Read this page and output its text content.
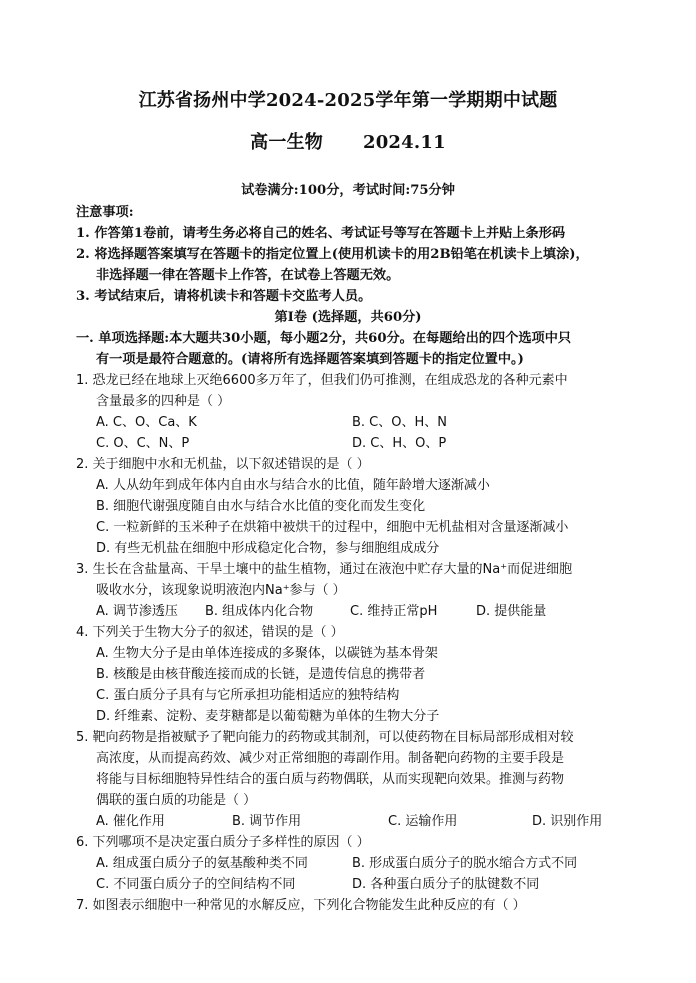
江苏省扬州中学2024-2025学年第一学期期中试题
高一生物 2024.11
试卷满分:100分，考试时间:75分钟
注意事项:
1. 作答第1卷前，请考生务必将自己的姓名、考试证号等写在答题卡上并贴上条形码
2. 将选择题答案填写在答题卡的指定位置上(使用机读卡的用2B铅笔在机读卡上填涂)，
非选择题一律在答题卡上作答，在试卷上答题无效。
3. 考试结束后，请将机读卡和答题卡交监考人员。
第I卷 (选择题，共60分)
一. 单项选择题:本大题共30小题，每小题2分，共60分。在每题给出的四个选项中只
有一项是最符合题意的。(请将所有选择题答案填到答题卡的指定位置中。)
1. 恐龙已经在地球上灭绝6600多万年了，但我们仍可推测，在组成恐龙的各种元素中
含量最多的四种是（ ）
A. C、O、Ca、K	B. C、O、H、N
C. O、C、N、P	D. C、H、O、P
2. 关于细胞中水和无机盐，以下叙述错误的是（ ）
A. 人从幼年到成年体内自由水与结合水的比值，随年龄增大逐渐减小
B. 细胞代谢强度随自由水与结合水比值的变化而发生变化
C. 一粒新鲜的玉米种子在烘箱中被烘干的过程中，细胞中无机盐相对含量逐渐减小
D. 有些无机盐在细胞中形成稳定化合物，参与细胞组成成分
3. 生长在含盐量高、干旱土壤中的盐生植物，通过在液泡中贮存大量的Na⁺而促进细胞
吸收水分，该现象说明液泡内Na⁺参与（ ）
A. 调节渗透压 B. 组成体内化合物	C. 维持正常pH	D. 提供能量
4. 下列关于生物大分子的叙述，错误的是（ ）
A. 生物大分子是由单体连接成的多聚体，以碳链为基本骨架
B. 核酸是由核苷酸连接而成的长链，是遗传信息的携带者
C. 蛋白质分子具有与它所承担功能相适应的独特结构
D. 纤维素、淀粉、麦芽糖都是以葡萄糖为单体的生物大分子
5. 靶向药物是指被赋予了靶向能力的药物或其制剂，可以使药物在目标局部形成相对较
高浓度，从而提高药效、减少对正常细胞的毒副作用。制备靶向药物的主要手段是
将能与目标细胞特异性结合的蛋白质与药物偶联，从而实现靶向效果。推测与药物
偶联的蛋白质的功能是（ ）
A. 催化作用	B. 调节作用	C. 运输作用	D. 识别作用
6. 下列哪项不是决定蛋白质分子多样性的原因（ ）
A. 组成蛋白质分子的氨基酸种类不同	B. 形成蛋白质分子的脱水缩合方式不同
C. 不同蛋白质分子的空间结构不同	D. 各种蛋白质分子的肽键数不同
7. 如图表示细胞中一种常见的水解反应，下列化合物能发生此种反应的有（ ）
